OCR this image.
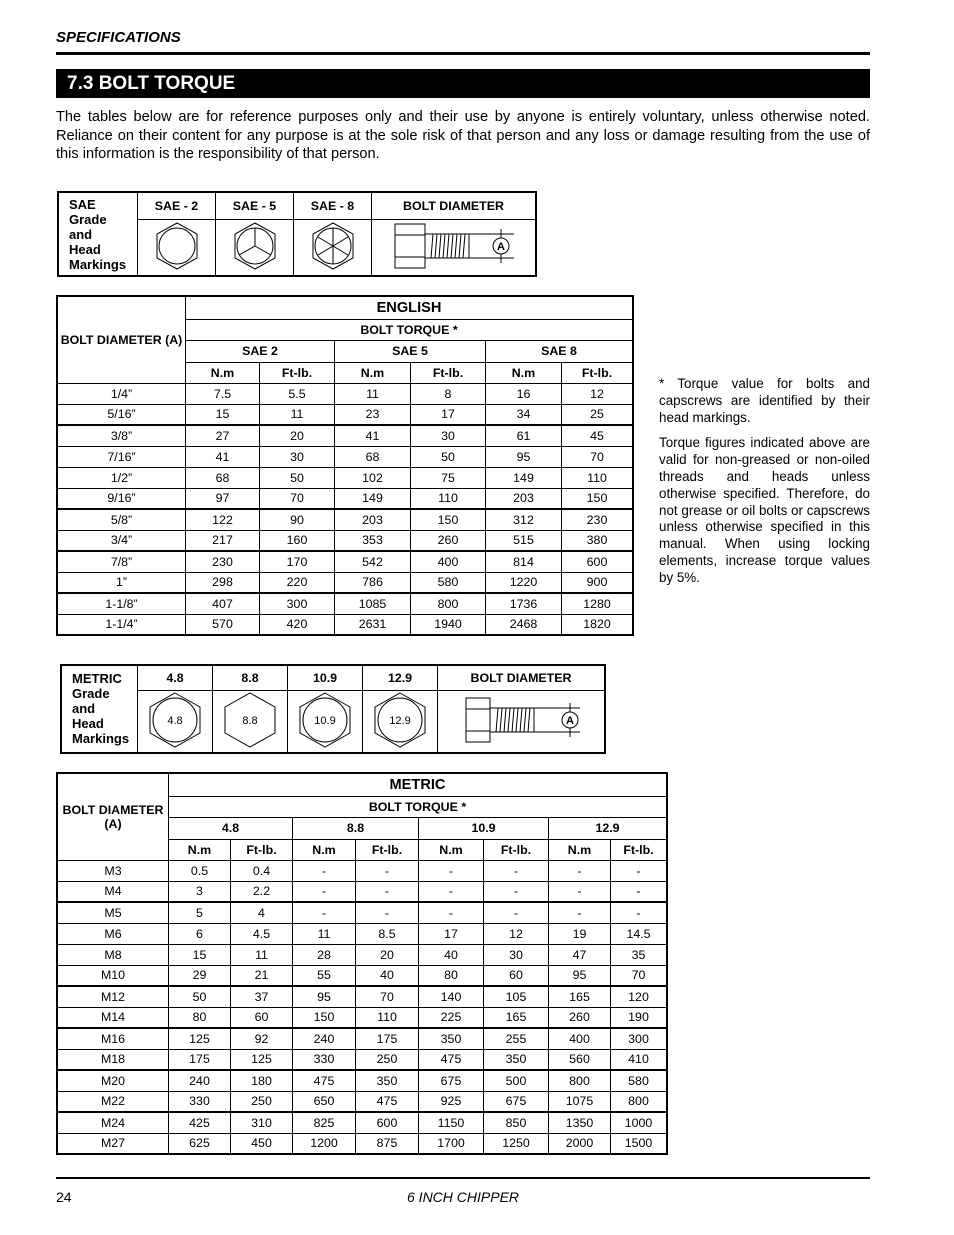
SPECIFICATIONS
7.3 BOLT TORQUE
The tables below are for reference purposes only and their use by anyone is entirely voluntary, unless otherwise noted. Reliance on their content for any purpose is at the sole risk of that person and any loss or damage resulting from the use of this information is the responsibility of that person.
SAE
Grade
and
Head
Markings	SAE - 2	SAE - 5	SAE - 8	BOLT DIAMETER

A
BOLT DIAMETER (A)	ENGLISH					
	BOLT TORQUE *					
	SAE 2		SAE 5		SAE 8	
	N.m	Ft-lb.	N.m	Ft-lb.	N.m	Ft-lb.
1/4”	7.5	5.5	11	8	16	12
5/16”	15	11	23	17	34	25
3/8”	27	20	41	30	61	45
7/16”	41	30	68	50	95	70
1/2”	68	50	102	75	149	110
9/16”	97	70	149	110	203	150
5/8”	122	90	203	150	312	230
3/4”	217	160	353	260	515	380
7/8”	230	170	542	400	814	600
1”	298	220	786	580	1220	900
1-1/8”	407	300	1085	800	1736	1280
1-1/4”	570	420	2631	1940	2468	1820

* Torque value for bolts and capscrews are identified by their head markings.

Torque figures indicated above are valid for non-greased or non-oiled threads and heads unless otherwise specified. Therefore, do not grease or oil bolts or capscrews unless otherwise specified in this manual. When using locking elements, increase torque values by 5%.

METRIC
Grade
and
Head
Markings	4.8	8.8	10.9	12.9	BOLT DIAMETER

4.8	8.8	10.9	12.9	A
BOLT DIAMETER
(A)	METRIC							
	BOLT TORQUE *							
	4.8		8.8		10.9		12.9	
	N.m	Ft-lb.	N.m	Ft-lb.	N.m	Ft-lb.	N.m	Ft-lb.
M3	0.5	0.4	-	-	-	-	-	-
M4	3	2.2	-	-	-	-	-	-
M5	5	4	-	-	-	-	-	-
M6	6	4.5	11	8.5	17	12	19	14.5
M8	15	11	28	20	40	30	47	35
M10	29	21	55	40	80	60	95	70
M12	50	37	95	70	140	105	165	120
M14	80	60	150	110	225	165	260	190
M16	125	92	240	175	350	255	400	300
M18	175	125	330	250	475	350	560	410
M20	240	180	475	350	675	500	800	580
M22	330	250	650	475	925	675	1075	800
M24	425	310	825	600	1150	850	1350	1000
M27	625	450	1200	875	1700	1250	2000	1500
24	6 INCH CHIPPER
